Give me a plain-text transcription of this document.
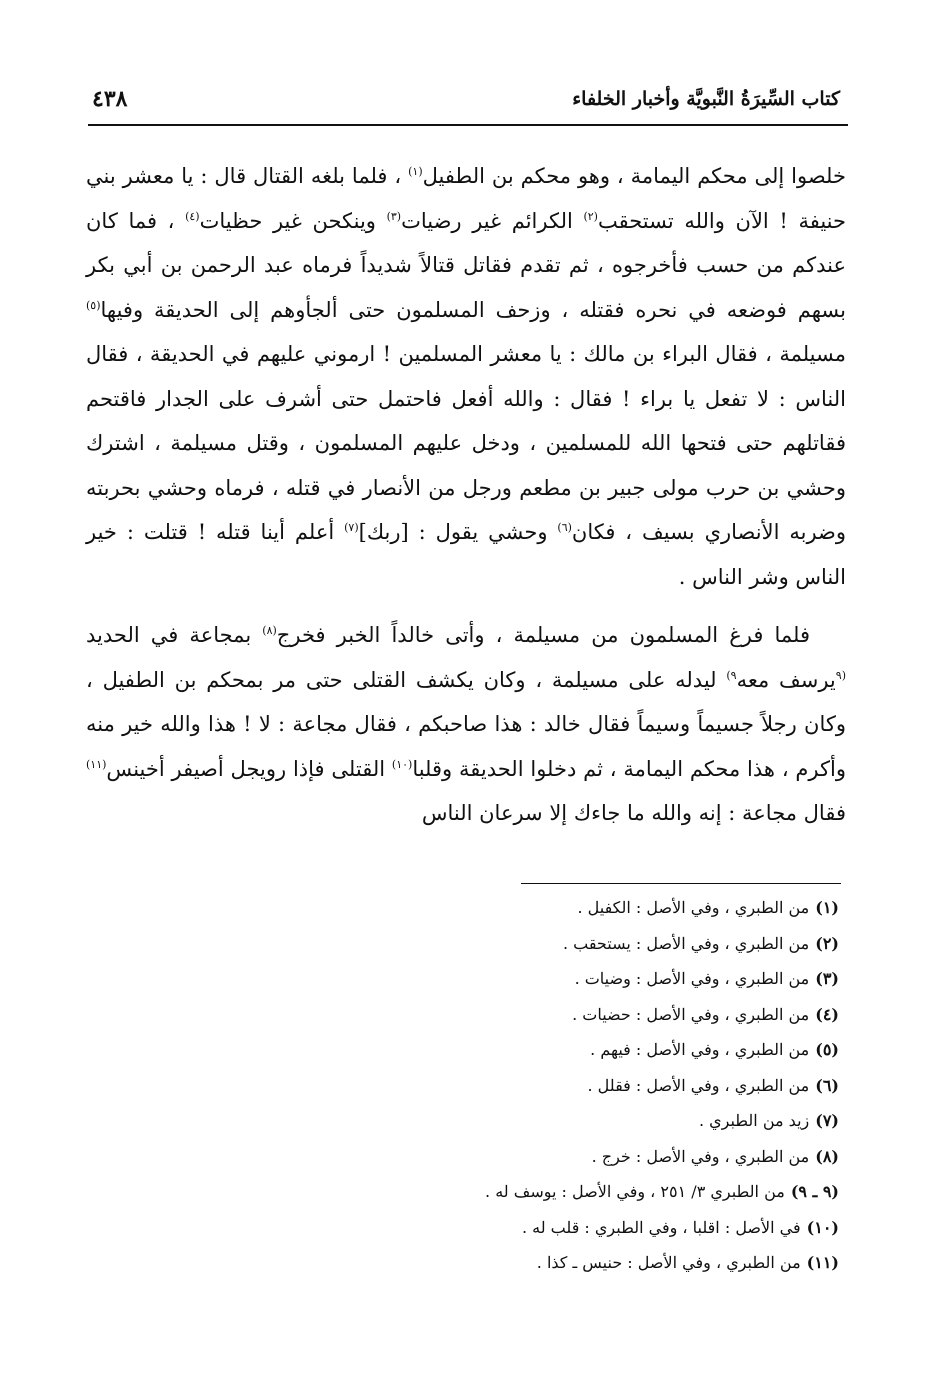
كتاب السِّيرَةُ النَّبويَّة وأخبار الخلفاء
٤٣٨

خلصوا إلى محكم اليمامة ، وهو محكم بن الطفيل$^{(١)}$ ، فلما بلغه القتال قال : يا معشر بني حنيفة ! الآن والله تستحقب$^{(٢)}$ الكرائم غير رضيات$^{(٣)}$ وينكحن غير حظيات$^{(٤)}$ ، فما كان عندكم من حسب فأخرجوه ، ثم تقدم فقاتل قتالاً شديداً فرماه عبد الرحمن بن أبي بكر بسهم فوضعه في نحره فقتله ، وزحف المسلمون حتى ألجأوهم إلى الحديقة وفيها$^{(٥)}$ مسيلمة ، فقال البراء بن مالك : يا معشر المسلمين ! ارموني عليهم في الحديقة ، فقال الناس : لا تفعل يا براء ! فقال : والله أفعل فاحتمل حتى أشرف على الجدار فاقتحم فقاتلهم حتى فتحها الله للمسلمين ، ودخل عليهم المسلمون ، وقتل مسيلمة ، اشترك وحشي بن حرب مولى جبير بن مطعم ورجل من الأنصار في قتله ، فرماه وحشي بحربته وضربه الأنصاري بسيف ، فكان$^{(٦)}$ وحشي يقول : [ربك]$^{(٧)}$ أعلم أينا قتله ! قتلت : خير الناس وشر الناس .

فلما فرغ المسلمون من مسيلمة ، وأتى خالداً الخبر فخرج$^{(٨)}$ بمجاعة في الحديد $^{(٩}$يرسف معه$^{٩)}$ ليدله على مسيلمة ، وكان يكشف القتلى حتى مر بمحكم بن الطفيل ، وكان رجلاً جسيماً وسيماً فقال خالد : هذا صاحبكم ، فقال مجاعة : لا ! هذا والله خير منه وأكرم ، هذا محكم اليمامة ، ثم دخلوا الحديقة وقلبا$^{(١٠)}$ القتلى فإذا رويجل أصيفر أخينس$^{(١١)}$ فقال مجاعة : إنه والله ما جاءك إلا سرعان الناس

(١)من الطبري ، وفي الأصل : الكفيل .
(٢)من الطبري ، وفي الأصل : يستحقب .
(٣)من الطبري ، وفي الأصل : وضيات .
(٤)من الطبري ، وفي الأصل : حضيات .
(٥)من الطبري ، وفي الأصل : فيهم .
(٦)من الطبري ، وفي الأصل : فقلل .
(٧)زيد من الطبري .
(٨)من الطبري ، وفي الأصل : خرج .
(٩ ـ ٩)من الطبري ٣/ ٢٥١ ، وفي الأصل : يوسف له .
(١٠)في الأصل : اقلبا ، وفي الطبري : قلب له .
(١١)من الطبري ، وفي الأصل : حنيس ـ كذا .
